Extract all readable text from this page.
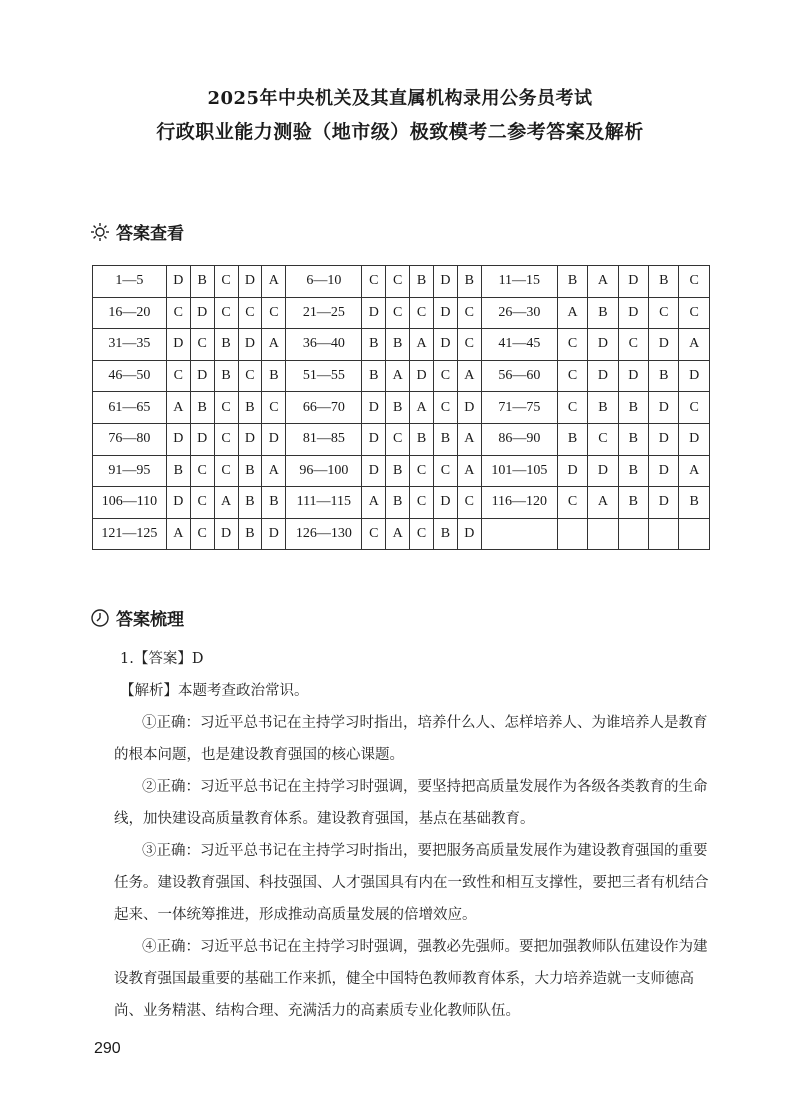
2025年中央机关及其直属机构录用公务员考试
行政职业能力测验（地市级）极致模考二参考答案及解析
答案查看
1—5	D	B	C	D	A	6—10	C	C	B	D	B	11—15	B	A	D	B	C
16—20	C	D	C	C	C	21—25	D	C	C	D	C	26—30	A	B	D	C	C
31—35	D	C	B	D	A	36—40	B	B	A	D	C	41—45	C	D	C	D	A
46—50	C	D	B	C	B	51—55	B	A	D	C	A	56—60	C	D	D	B	D
61—65	A	B	C	B	C	66—70	D	B	A	C	D	71—75	C	B	B	D	C
76—80	D	D	C	D	D	81—85	D	C	B	B	A	86—90	B	C	B	D	D
91—95	B	C	C	B	A	96—100	D	B	C	C	A	101—105	D	D	B	D	A
106—110	D	C	A	B	B	111—115	A	B	C	D	C	116—120	C	A	B	D	B
121—125	A	C	D	B	D	126—130	C	A	C	B	D						
答案梳理

1.【答案】D

【解析】本题考查政治常识。

①正确：习近平总书记在主持学习时指出，培养什么人、怎样培养人、为谁培养人是教育的根本问题，也是建设教育强国的核心课题。

②正确：习近平总书记在主持学习时强调，要坚持把高质量发展作为各级各类教育的生命线，加快建设高质量教育体系。建设教育强国，基点在基础教育。

③正确：习近平总书记在主持学习时指出，要把服务高质量发展作为建设教育强国的重要任务。建设教育强国、科技强国、人才强国具有内在一致性和相互支撑性，要把三者有机结合起来、一体统筹推进，形成推动高质量发展的倍增效应。

④正确：习近平总书记在主持学习时强调，强教必先强师。要把加强教师队伍建设作为建设教育强国最重要的基础工作来抓，健全中国特色教师教育体系，大力培养造就一支师德高尚、业务精湛、结构合理、充满活力的高素质专业化教师队伍。

290
